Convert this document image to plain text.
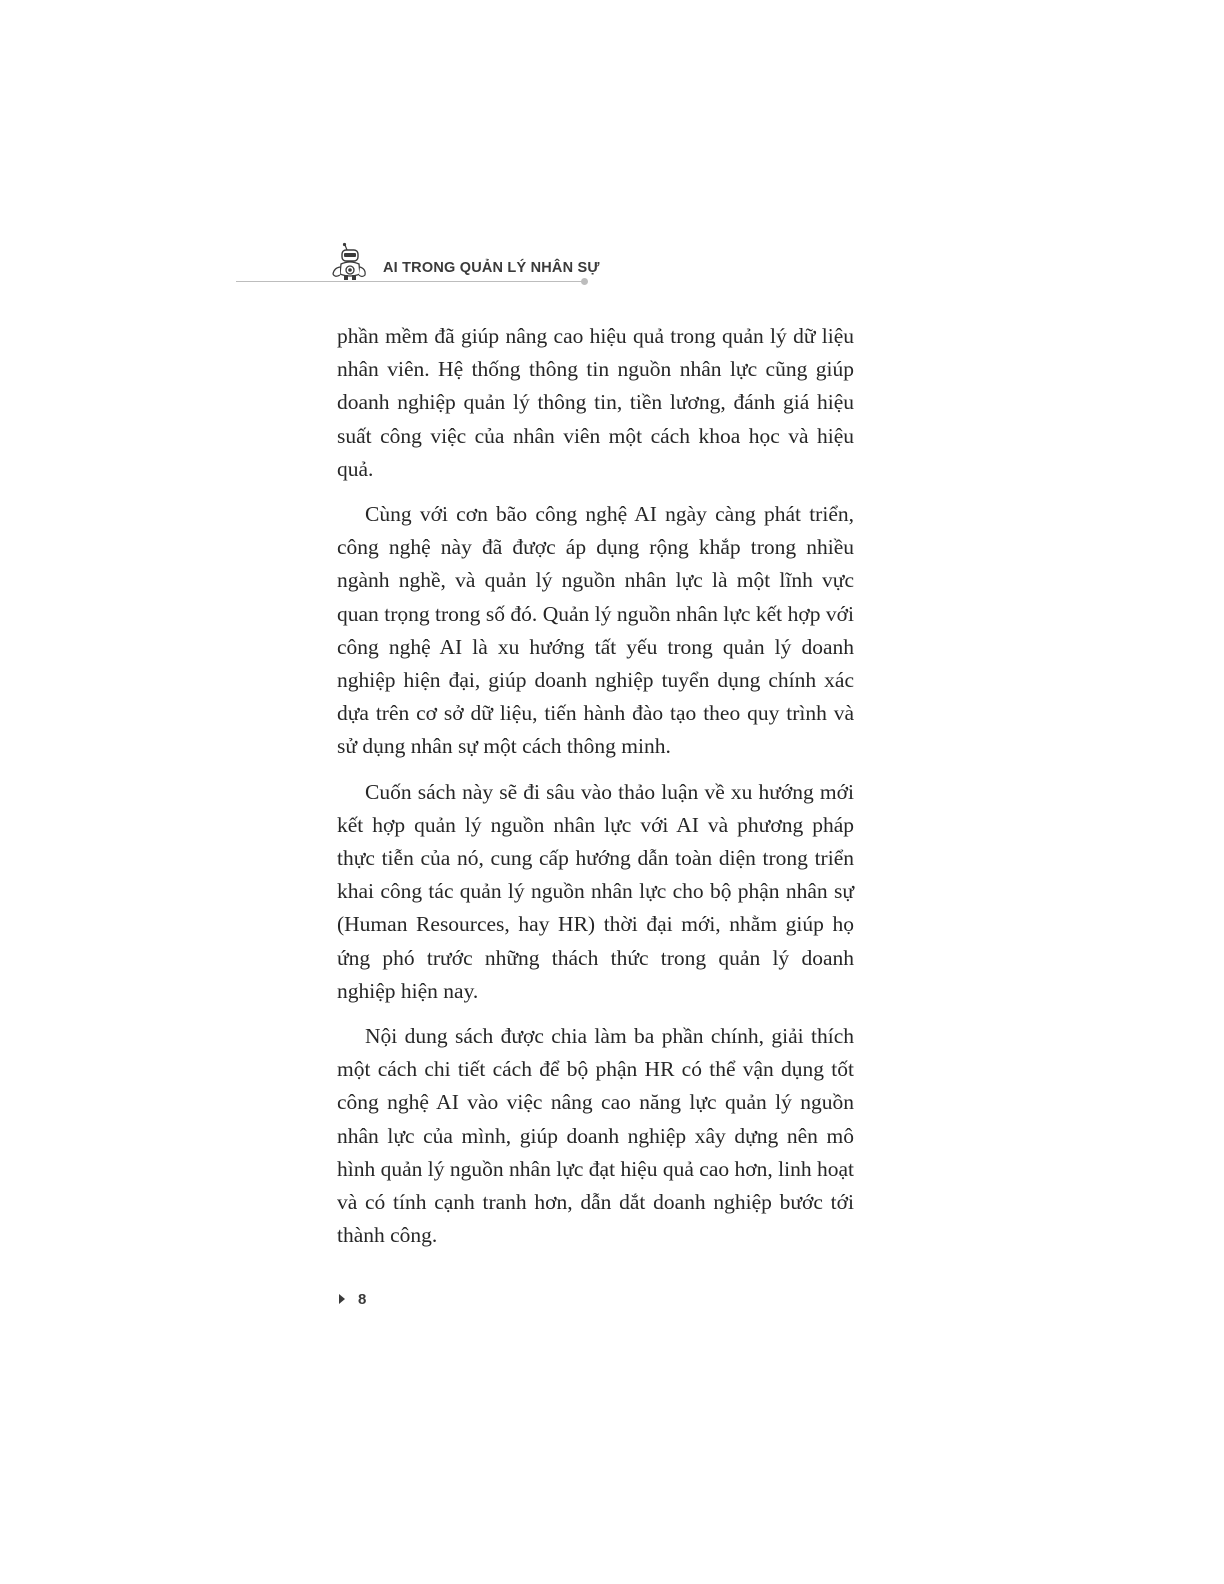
AI TRONG QUẢN LÝ NHÂN SỰ

phần mềm đã giúp nâng cao hiệu quả trong quản lý dữ liệu nhân viên. Hệ thống thông tin nguồn nhân lực cũng giúp doanh nghiệp quản lý thông tin, tiền lương, đánh giá hiệu suất công việc của nhân viên một cách khoa học và hiệu quả.

Cùng với cơn bão công nghệ AI ngày càng phát triển, công nghệ này đã được áp dụng rộng khắp trong nhiều ngành nghề, và quản lý nguồn nhân lực là một lĩnh vực quan trọng trong số đó. Quản lý nguồn nhân lực kết hợp với công nghệ AI là xu hướng tất yếu trong quản lý doanh nghiệp hiện đại, giúp doanh nghiệp tuyển dụng chính xác dựa trên cơ sở dữ liệu, tiến hành đào tạo theo quy trình và sử dụng nhân sự một cách thông minh.

Cuốn sách này sẽ đi sâu vào thảo luận về xu hướng mới kết hợp quản lý nguồn nhân lực với AI và phương pháp thực tiễn của nó, cung cấp hướng dẫn toàn diện trong triển khai công tác quản lý nguồn nhân lực cho bộ phận nhân sự (Human Resources, hay HR) thời đại mới, nhằm giúp họ ứng phó trước những thách thức trong quản lý doanh nghiệp hiện nay.

Nội dung sách được chia làm ba phần chính, giải thích một cách chi tiết cách để bộ phận HR có thể vận dụng tốt công nghệ AI vào việc nâng cao năng lực quản lý nguồn nhân lực của mình, giúp doanh nghiệp xây dựng nên mô hình quản lý nguồn nhân lực đạt hiệu quả cao hơn, linh hoạt và có tính cạnh tranh hơn, dẫn dắt doanh nghiệp bước tới thành công.

8
